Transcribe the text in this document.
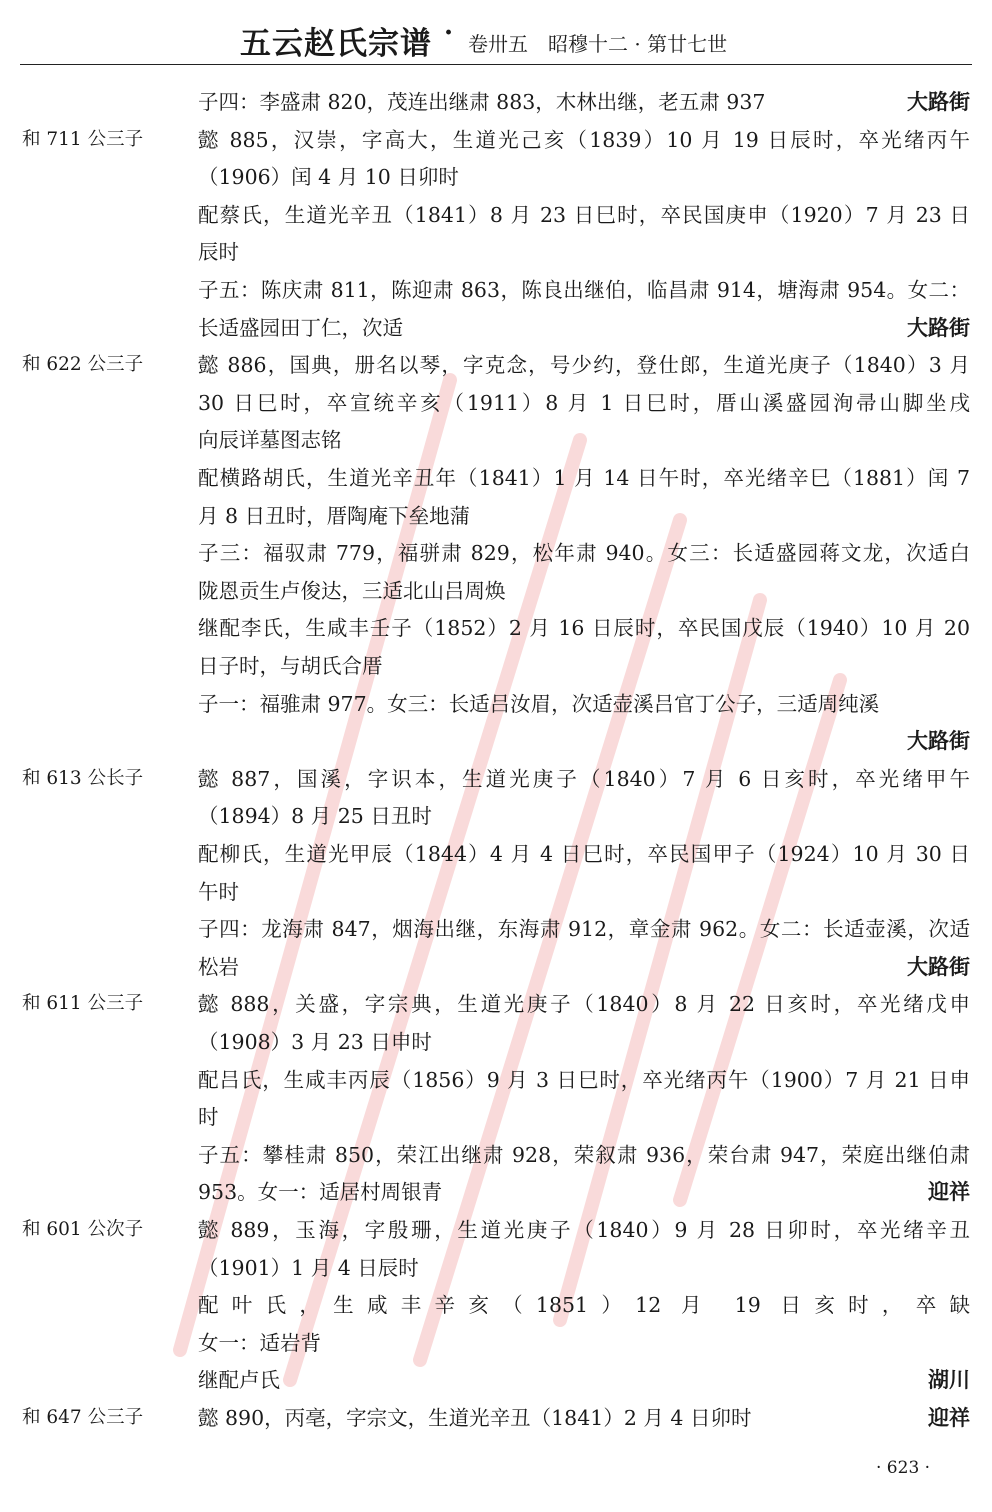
五云赵氏宗谱 · 卷卅五　昭穆十二 · 第廿七世
子四：李盛肃 820，茂连出继肃 883，木林出继，老五肃 937	大路街
和 711 公三子	懿 885，汉崇，字高大，生道光己亥（1839）10 月 19 日辰时，卒光绪丙午
（1906）闰 4 月 10 日卯时
配蔡氏，生道光辛丑（1841）8 月 23 日巳时，卒民国庚申（1920）7 月 23 日
辰时
子五：陈庆肃 811，陈迎肃 863，陈良出继伯，临昌肃 914，塘海肃 954。女二：
长适盛园田丁仁，次适	大路街
和 622 公三子	懿 886，国典，册名以琴，字克念，号少约，登仕郎，生道光庚子（1840）3 月
30 日巳时，卒宣统辛亥（1911）8 月 1 日巳时，厝山溪盛园洵帚山脚坐戌
向辰详墓图志铭
配横路胡氏，生道光辛丑年（1841）1 月 14 日午时，卒光绪辛巳（1881）闰 7
月 8 日丑时，厝陶庵下垒地蒲
子三：福驭肃 779，福骈肃 829，松年肃 940。女三：长适盛园蒋文龙，次适白
陇恩贡生卢俊达，三适北山吕周焕
继配李氏，生咸丰壬子（1852）2 月 16 日辰时，卒民国戊辰（1940）10 月 20
日子时，与胡氏合厝
子一：福骓肃 977。女三：长适吕汝眉，次适壶溪吕官丁公子，三适周纯溪
大路街
和 613 公长子	懿 887，国溪，字识本，生道光庚子（1840）7 月 6 日亥时，卒光绪甲午
（1894）8 月 25 日丑时
配柳氏，生道光甲辰（1844）4 月 4 日巳时，卒民国甲子（1924）10 月 30 日
午时
子四：龙海肃 847，烟海出继，东海肃 912，章金肃 962。女二：长适壶溪，次适
松岩	大路街
和 611 公三子	懿 888，关盛，字宗典，生道光庚子（1840）8 月 22 日亥时，卒光绪戊申
（1908）3 月 23 日申时
配吕氏，生咸丰丙辰（1856）9 月 3 日巳时，卒光绪丙午（1900）7 月 21 日申
时
子五：攀桂肃 850，荣江出继肃 928，荣叙肃 936，荣台肃 947，荣庭出继伯肃
953。女一：适居村周银青	迎祥
和 601 公次子	懿 889，玉海，字殷珊，生道光庚子（1840）9 月 28 日卯时，卒光绪辛丑
（1901）1 月 4 日辰时
配叶氏，生咸丰辛亥（1851）12 月 19 日亥时，卒缺
女一：适岩背
继配卢氏	湖川
和 647 公三子	懿 890，丙亳，字宗文，生道光辛丑（1841）2 月 4 日卯时	迎祥
· 623 ·
